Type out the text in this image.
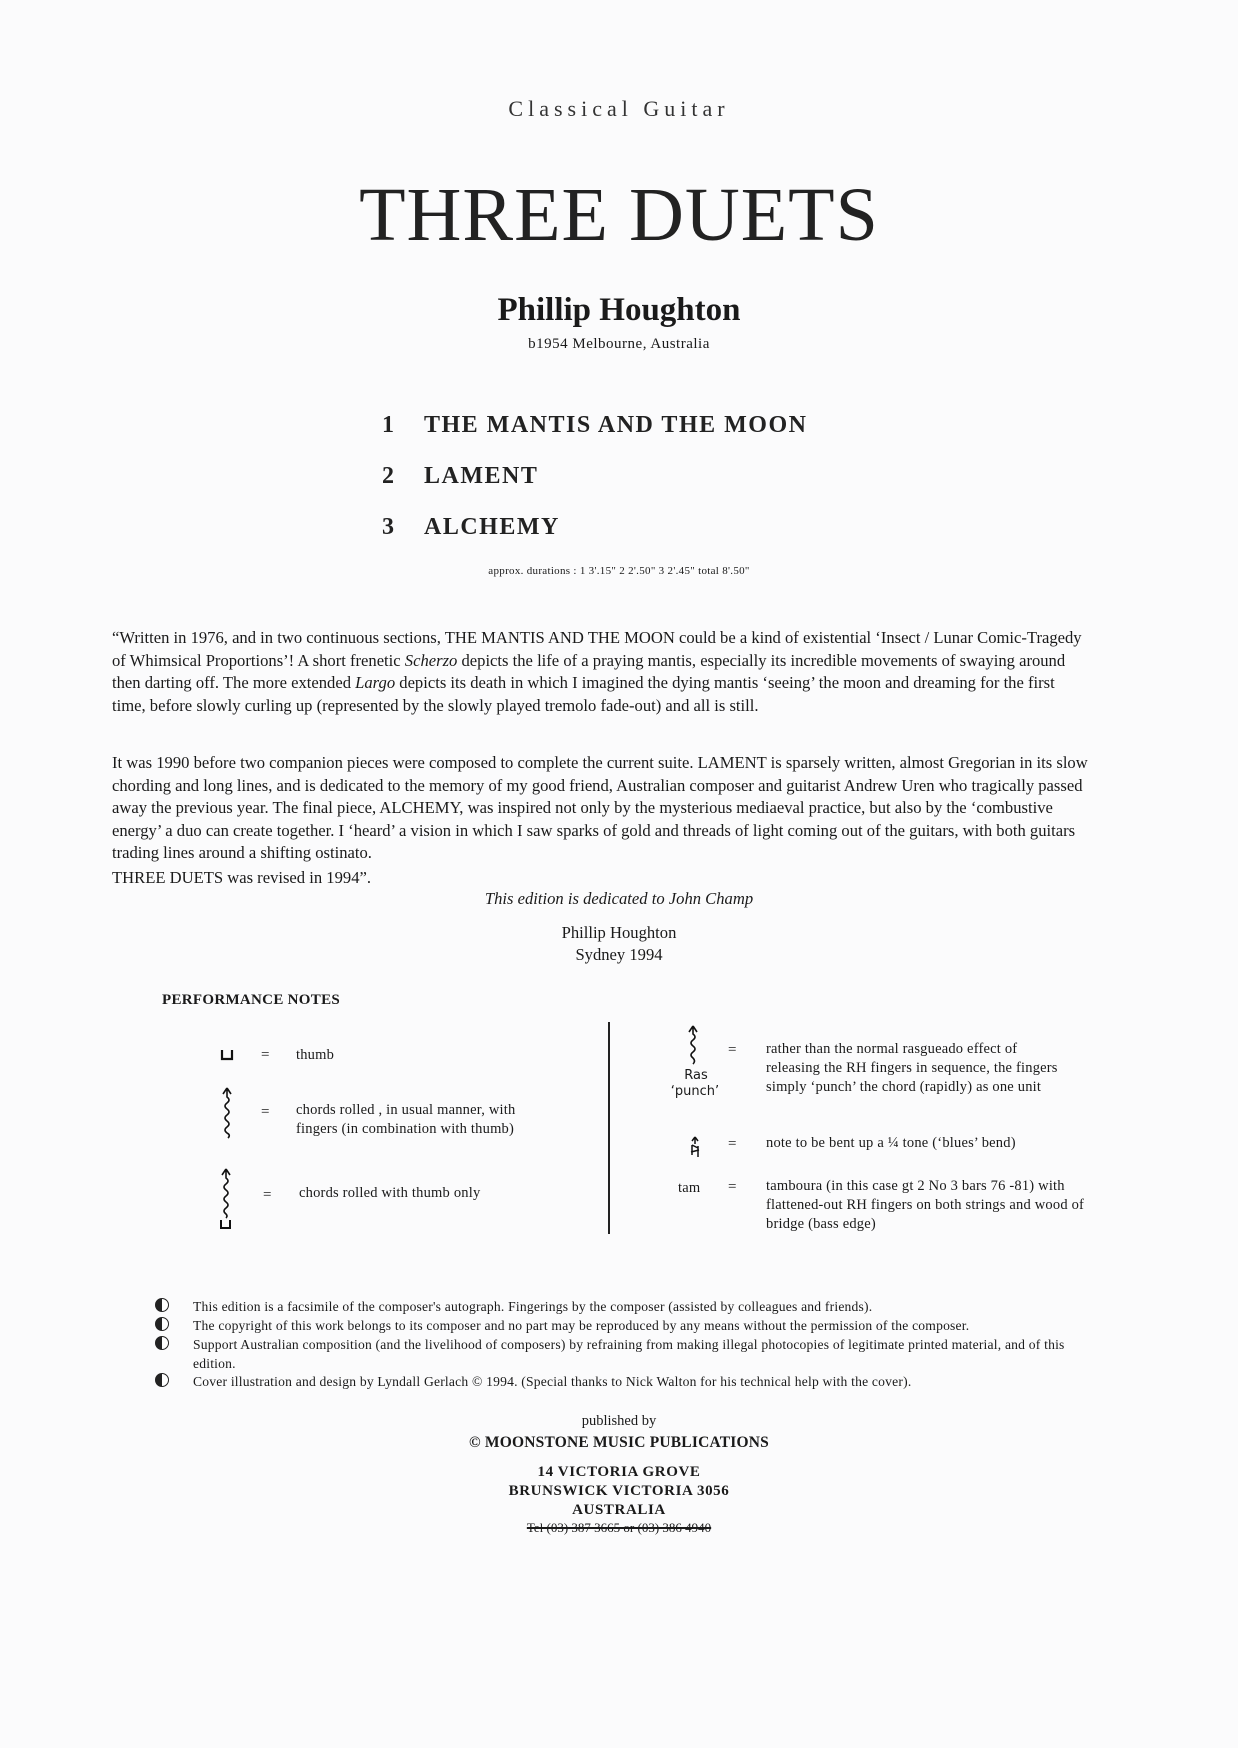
Classical Guitar
THREE DUETS
Phillip Houghton
b1954 Melbourne, Australia
1	THE MANTIS AND THE MOON
2	LAMENT
3	ALCHEMY
approx. durations : 1 3'.15" 2 2'.50" 3 2'.45" total 8'.50"
“Written in 1976, and in two continuous sections, THE MANTIS AND THE MOON could be a kind of existential ‘Insect / Lunar Comic-Tragedy of Whimsical Proportions’! A short frenetic Scherzo depicts the life of a praying mantis, especially its incredible movements of swaying around then darting off. The more extended Largo depicts its death in which I imagined the dying mantis ‘seeing’ the moon and dreaming for the first time, before slowly curling up (represented by the slowly played tremolo fade-out) and all is still.
It was 1990 before two companion pieces were composed to complete the current suite. LAMENT is sparsely written, almost Gregorian in its slow chording and long lines, and is dedicated to the memory of my good friend, Australian composer and guitarist Andrew Uren who tragically passed away the previous year. The final piece, ALCHEMY, was inspired not only by the mysterious mediaeval practice, but also by the ‘combustive energy’ a duo can create together. I ‘heard’ a vision in which I saw sparks of gold and threads of light coming out of the guitars, with both guitars trading lines around a shifting ostinato.
THREE DUETS was revised in 1994”.
This edition is dedicated to John Champ
Phillip Houghton
Sydney 1994
PERFORMANCE NOTES
= thumb
= chords rolled , in usual manner, with fingers (in combination with thumb)
= chords rolled with thumb only
Ras
‘punch’
= rather than the normal rasgueado effect of releasing the RH fingers in sequence, the fingers simply ‘punch’ the chord (rapidly) as one unit
= note to be bent up a ¼ tone (‘blues’ bend)
tam = tamboura (in this case gt 2 No 3 bars 76 -81) with flattened-out RH fingers on both strings and wood of bridge (bass edge)
This edition is a facsimile of the composer's autograph. Fingerings by the composer (assisted by colleagues and friends).
The copyright of this work belongs to its composer and no part may be reproduced by any means without the permission of the composer.
Support Australian composition (and the livelihood of composers) by refraining from making illegal photocopies of legitimate printed material, and of this edition.
Cover illustration and design by Lyndall Gerlach © 1994. (Special thanks to Nick Walton for his technical help with the cover).
published by
© MOONSTONE MUSIC PUBLICATIONS
14 VICTORIA GROVE
BRUNSWICK VICTORIA 3056
AUSTRALIA
Tel (03) 387 3665 or (03) 386 4940
